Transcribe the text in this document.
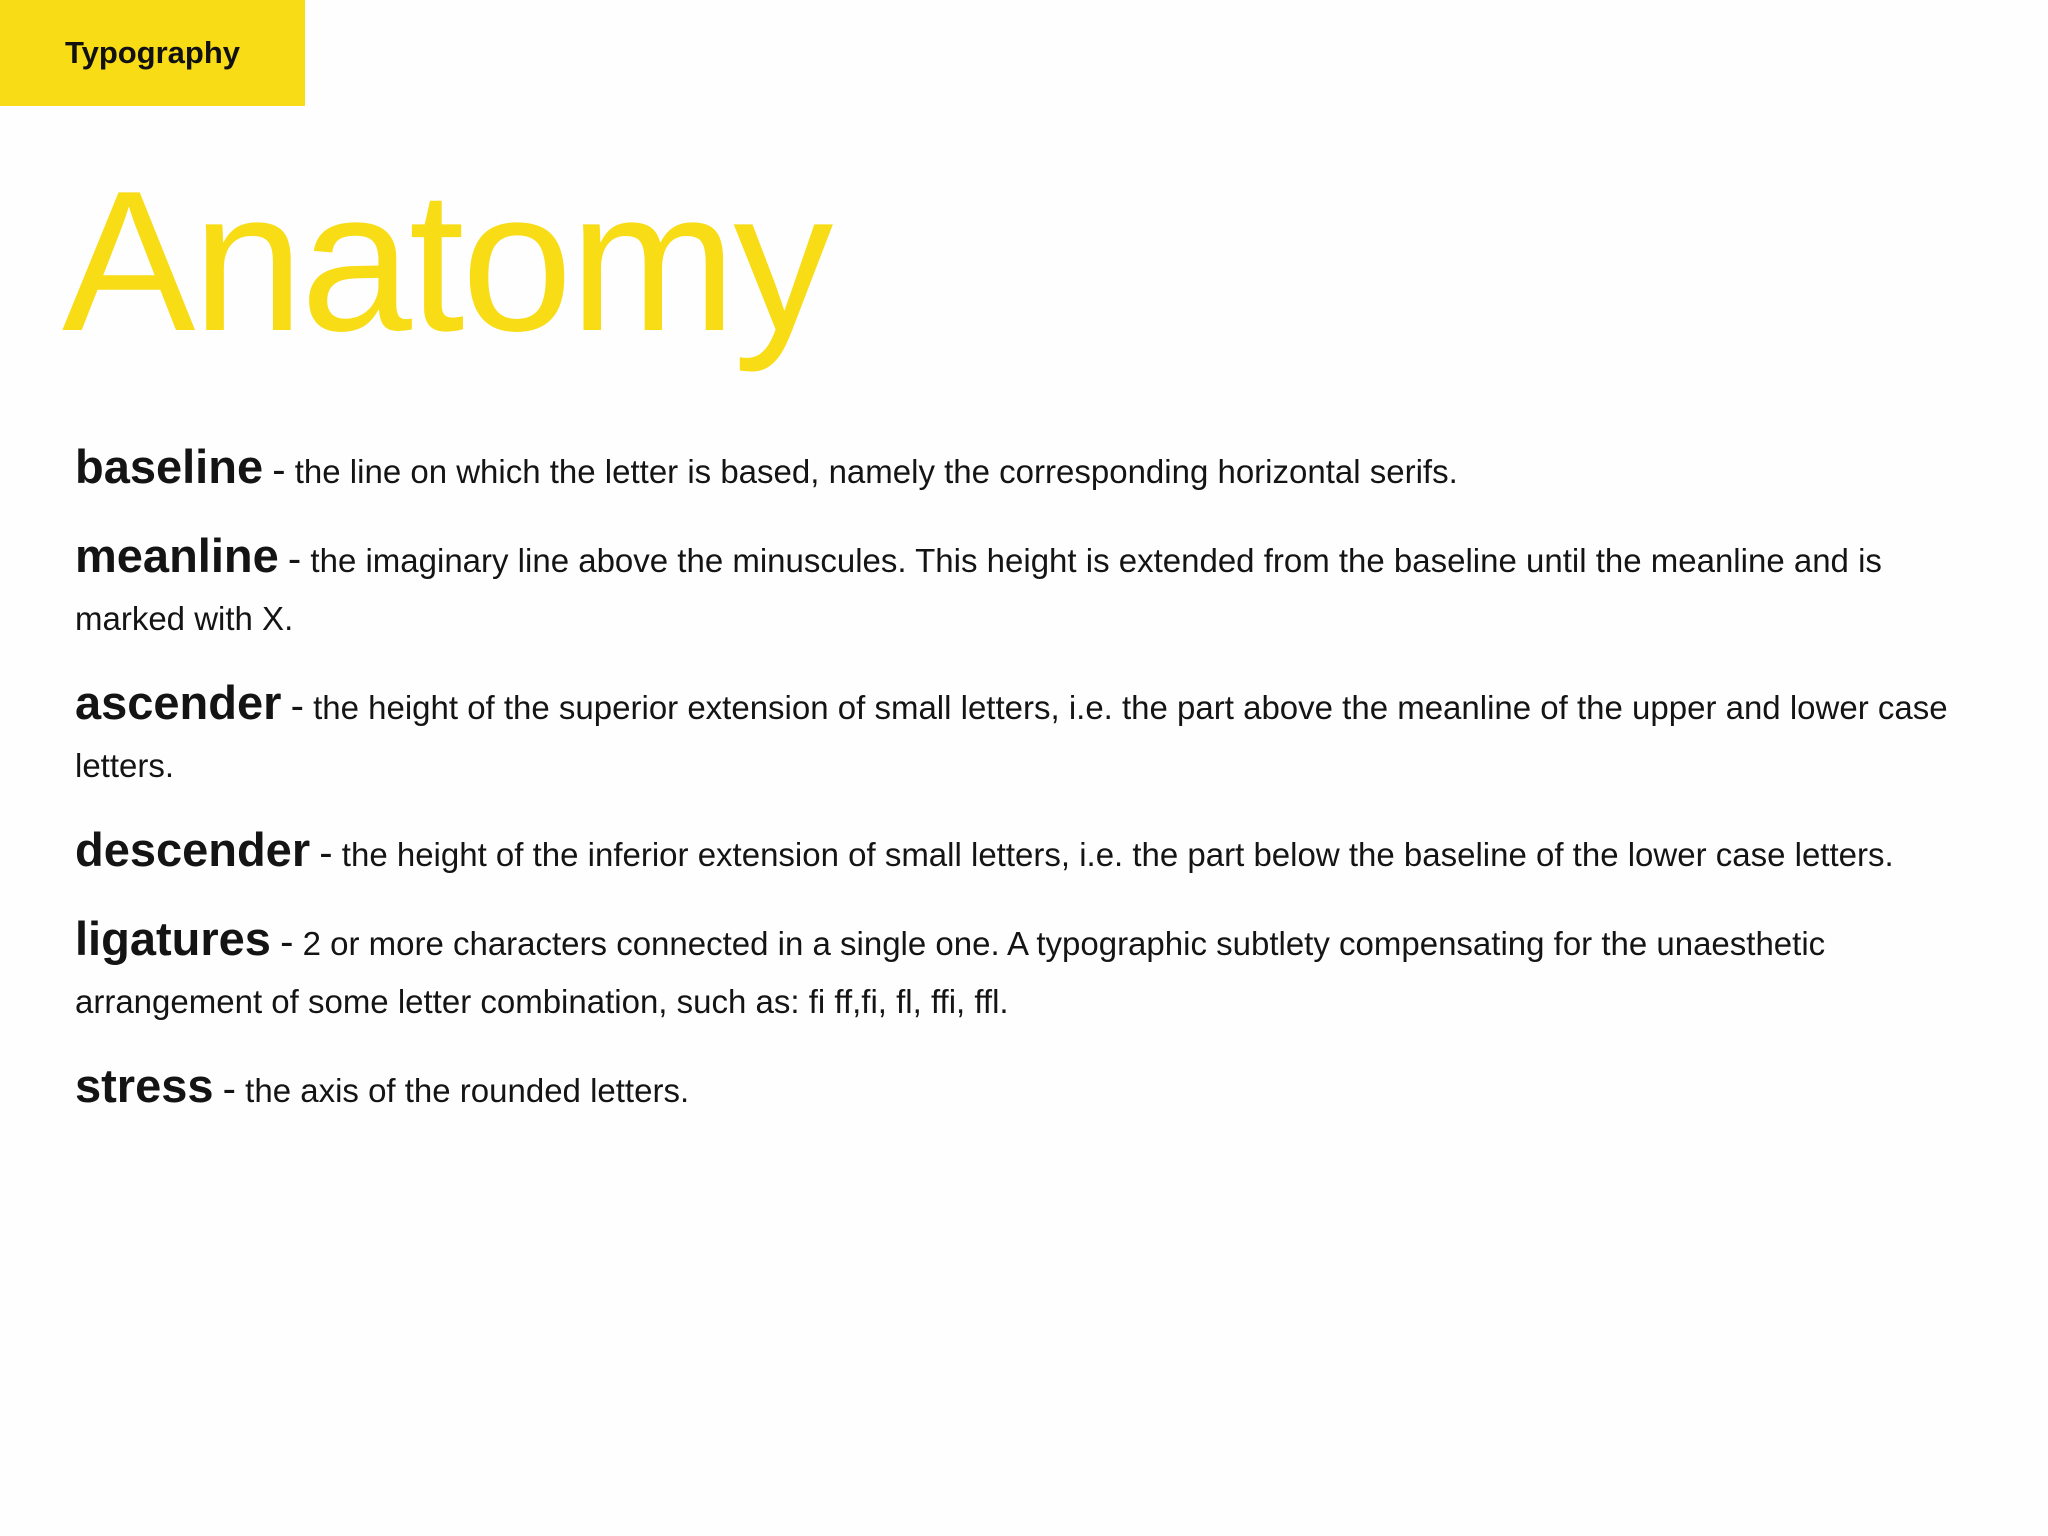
Typography
Anatomy

baseline - the line on which the letter is based, namely the corresponding horizontal serifs.

meanline - the imaginary line above the minuscules. This height is extended from the baseline until the meanline and is marked with X.

ascender - the height of the superior extension of small letters, i.e. the part above the meanline of the upper and lower case letters.

descender - the height of the inferior extension of small letters, i.e. the part below the baseline of the lower case letters.

ligatures - 2 or more characters connected in a single one. A typographic subtlety compensating for the unaesthetic arrangement of some letter combination, such as: fi ff,fi, fl, ffi, ffl.

stress - the axis of the rounded letters.
